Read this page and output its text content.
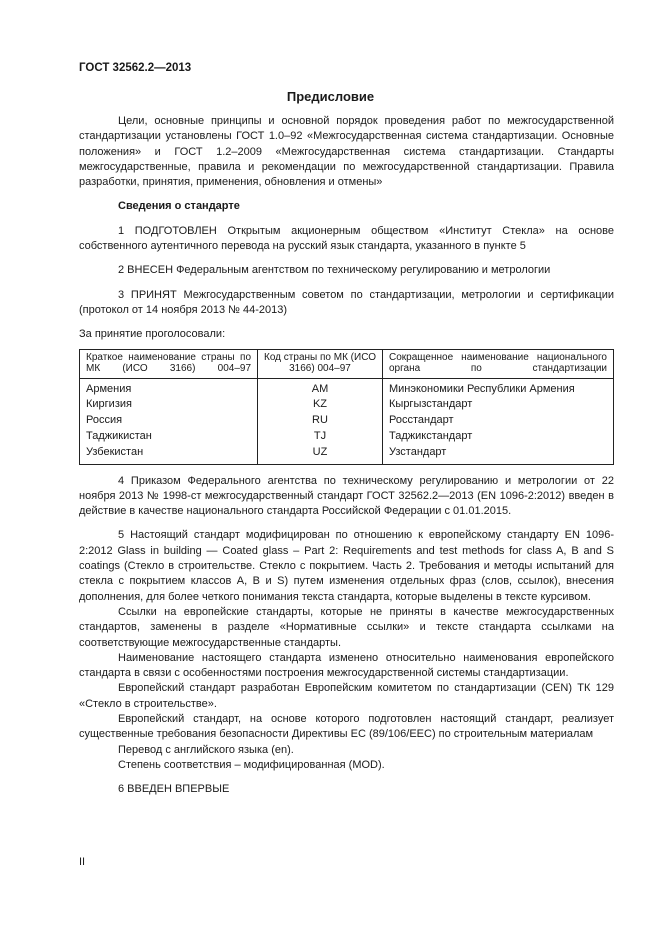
ГОСТ 32562.2—2013
Предисловие

Цели, основные принципы и основной порядок проведения работ по межгосударственной стандартизации установлены ГОСТ 1.0–92 «Межгосударственная система стандартизации. Основные положения» и ГОСТ 1.2–2009 «Межгосударственная система стандартизации. Стандарты межгосударственные, правила и рекомендации по межгосударственной стандартизации. Правила разработки, принятия, применения, обновления и отмены»

Сведения о стандарте

1 ПОДГОТОВЛЕН Открытым акционерным обществом «Институт Стекла» на основе собственного аутентичного перевода на русский язык стандарта, указанного в пункте 5

2 ВНЕСЕН Федеральным агентством по техническому регулированию и метрологии

3 ПРИНЯТ Межгосударственным советом по стандартизации, метрологии и сертификации (протокол от 14 ноября 2013 № 44-2013)

За принятие проголосовали:

Краткое наименование страны по МК (ИСО 3166) 004–97	Код страны по МК (ИСО 3166) 004–97	Сокращенное наименование национального органа по стандартизации
Армения	AM	Минэкономики Республики Армения
Киргизия	KZ	Кыргызстандарт
Россия	RU	Росстандарт
Таджикистан	TJ	Таджикстандарт
Узбекистан	UZ	Узстандарт

4 Приказом Федерального агентства по техническому регулированию и метрологии от 22 ноября 2013 № 1998-ст межгосударственный стандарт ГОСТ 32562.2—2013 (EN 1096-2:2012) введен в действие в качестве национального стандарта Российской Федерации с 01.01.2015.

5 Настоящий стандарт модифицирован по отношению к европейскому стандарту EN 1096-2:2012 Glass in building — Coated glass – Part 2: Requirements and test methods for class A, B and S coatings (Стекло в строительстве. Стекло с покрытием. Часть 2. Требования и методы испытаний для стекла с покрытием классов А, В и S) путем изменения отдельных фраз (слов, ссылок), внесения дополнения, для более четкого понимания текста стандарта, которые выделены в тексте курсивом.

Ссылки на европейские стандарты, которые не приняты в качестве межгосударственных стандартов, заменены в разделе «Нормативные ссылки» и тексте стандарта ссылками на соответствующие межгосударственные стандарты.

Наименование настоящего стандарта изменено относительно наименования европейского стандарта в связи с особенностями построения межгосударственной системы стандартизации.

Европейский стандарт разработан Европейским комитетом по стандартизации (CEN) ТК 129 «Стекло в строительстве».

Европейский стандарт, на основе которого подготовлен настоящий стандарт, реализует существенные требования безопасности Директивы ЕС (89/106/EEC) по строительным материалам

Перевод с английского языка (en).

Степень соответствия – модифицированная (MOD).

6 ВВЕДЕН ВПЕРВЫЕ

II
